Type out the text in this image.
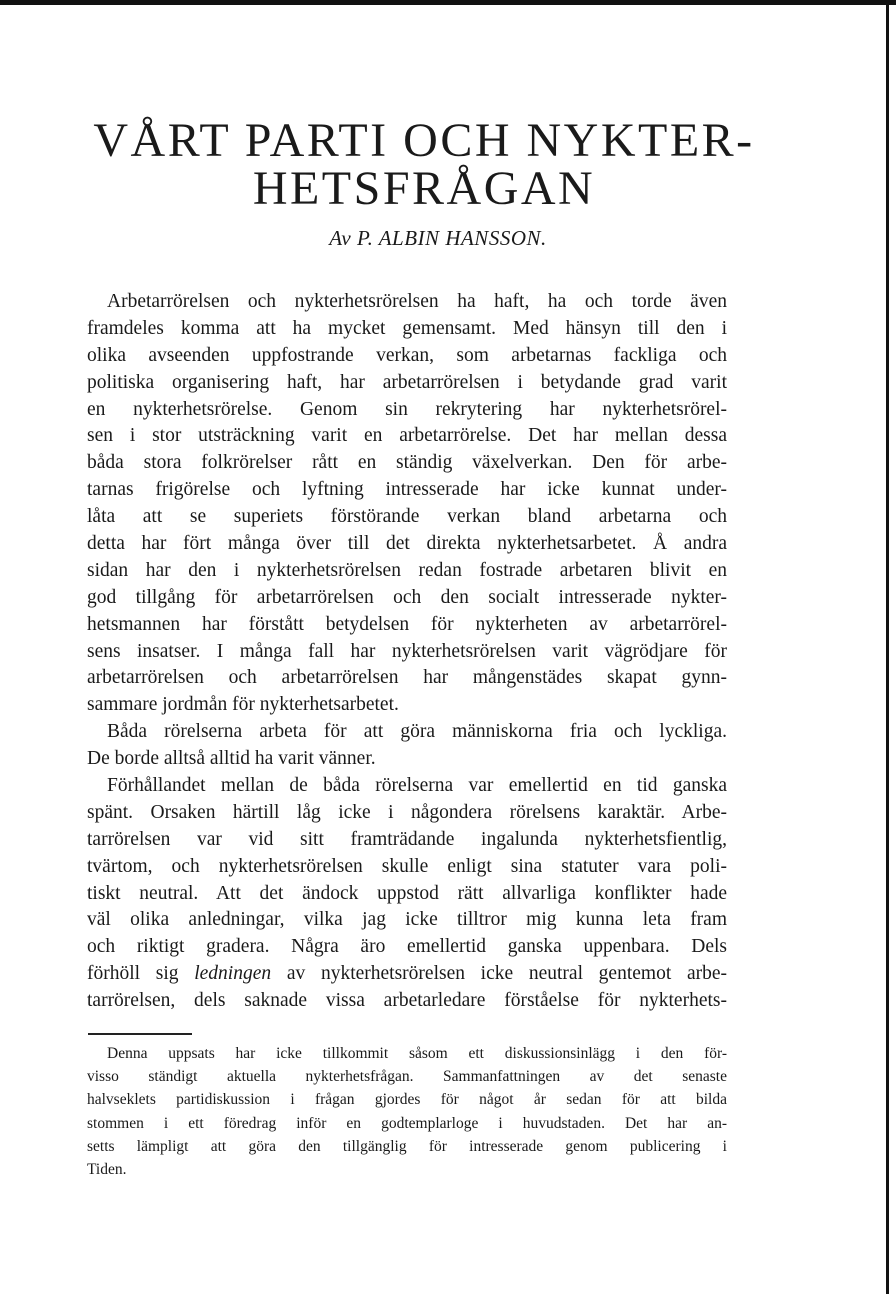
VÅRT PARTI OCH NYKTER-
HETSFRÅGAN
Av P. ALBIN HANSSON.
Arbetarrörelsen och nykterhetsrörelsen ha haft, ha och torde även
framdeles komma att ha mycket gemensamt. Med hänsyn till den i
olika avseenden uppfostrande verkan, som arbetarnas fackliga och
politiska organisering haft, har arbetarrörelsen i betydande grad varit
en nykterhetsrörelse. Genom sin rekrytering har nykterhetsrörel-
sen i stor utsträckning varit en arbetarrörelse. Det har mellan dessa
båda stora folkrörelser rått en ständig växelverkan. Den för arbe-
tarnas frigörelse och lyftning intresserade har icke kunnat under-
låta att se superiets förstörande verkan bland arbetarna och
detta har fört många över till det direkta nykterhetsarbetet. Å andra
sidan har den i nykterhetsrörelsen redan fostrade arbetaren blivit en
god tillgång för arbetarrörelsen och den socialt intresserade nykter-
hetsmannen har förstått betydelsen för nykterheten av arbetarrörel-
sens insatser. I många fall har nykterhetsrörelsen varit vägrödjare för
arbetarrörelsen och arbetarrörelsen har mångenstädes skapat gynn-
sammare jordmån för nykterhetsarbetet.
Båda rörelserna arbeta för att göra människorna fria och lyckliga.
De borde alltså alltid ha varit vänner.
Förhållandet mellan de båda rörelserna var emellertid en tid ganska
spänt. Orsaken härtill låg icke i någondera rörelsens karaktär. Arbe-
tarrörelsen var vid sitt framträdande ingalunda nykterhetsfientlig,
tvärtom, och nykterhetsrörelsen skulle enligt sina statuter vara poli-
tiskt neutral. Att det ändock uppstod rätt allvarliga konflikter hade
väl olika anledningar, vilka jag icke tilltror mig kunna leta fram
och riktigt gradera. Några äro emellertid ganska uppenbara. Dels
förhöll sig ledningen av nykterhetsrörelsen icke neutral gentemot arbe-
tarrörelsen, dels saknade vissa arbetarledare förståelse för nykterhets-
Denna uppsats har icke tillkommit såsom ett diskussionsinlägg i den för-
visso ständigt aktuella nykterhetsfrågan. Sammanfattningen av det senaste
halvseklets partidiskussion i frågan gjordes för något år sedan för att bilda
stommen i ett föredrag inför en godtemplarloge i huvudstaden. Det har an-
setts lämpligt att göra den tillgänglig för intresserade genom publicering i
Tiden.
